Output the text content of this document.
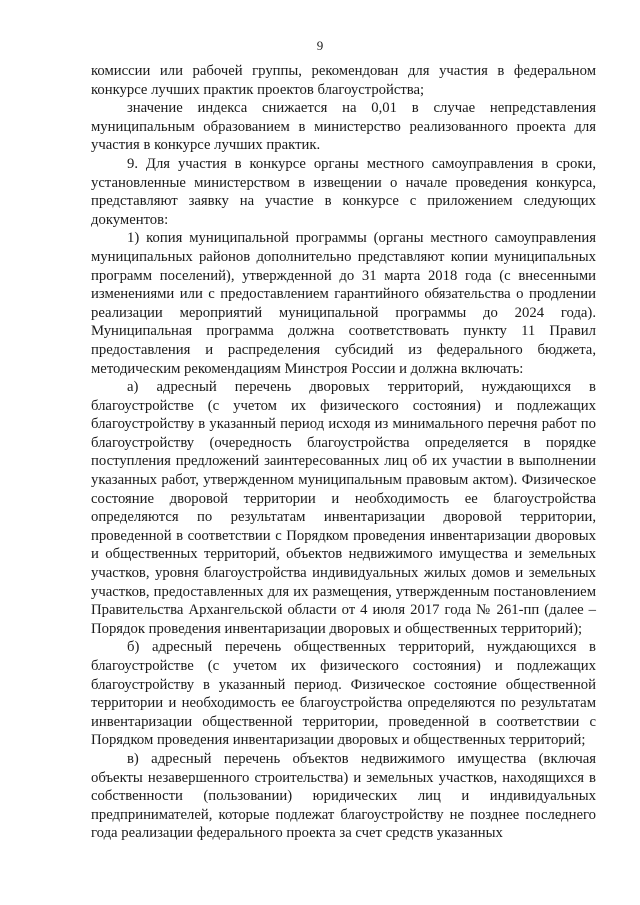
9

комиссии или рабочей группы, рекомендован для участия в федеральном конкурсе лучших практик проектов благоустройства;

значение индекса снижается на 0,01 в случае непредставления муниципальным образованием в министерство реализованного проекта для участия в конкурсе лучших практик.

9. Для участия в конкурсе органы местного самоуправления в сроки, установленные министерством в извещении о начале проведения конкурса, представляют заявку на участие в конкурсе с приложением следующих документов:

1) копия муниципальной программы (органы местного самоуправления муниципальных районов дополнительно представляют копии муниципальных программ поселений), утвержденной до 31 марта 2018 года (с внесенными изменениями или с предоставлением гарантийного обязательства о продлении реализации мероприятий муниципальной программы до 2024 года). Муниципальная программа должна соответствовать пункту 11 Правил предоставления и распределения субсидий из федерального бюджета, методическим рекомендациям Минстроя России и должна включать:

а) адресный перечень дворовых территорий, нуждающихся в благоустройстве (с учетом их физического состояния) и подлежащих благоустройству в указанный период исходя из минимального перечня работ по благоустройству (очередность благоустройства определяется в порядке поступления предложений заинтересованных лиц об их участии в выполнении указанных работ, утвержденном муниципальным правовым актом). Физическое состояние дворовой территории и необходимость ее благоустройства определяются по результатам инвентаризации дворовой территории, проведенной в соответствии с Порядком проведения инвентаризации дворовых и общественных территорий, объектов недвижимого имущества и земельных участков, уровня благоустройства индивидуальных жилых домов и земельных участков, предоставленных для их размещения, утвержденным постановлением Правительства Архангельской области от 4 июля 2017 года № 261-пп (далее – Порядок проведения инвентаризации дворовых и общественных территорий);

б) адресный перечень общественных территорий, нуждающихся в благоустройстве (с учетом их физического состояния) и подлежащих благоустройству в указанный период. Физическое состояние общественной территории и необходимость ее благоустройства определяются по результатам инвентаризации общественной территории, проведенной в соответствии с Порядком проведения инвентаризации дворовых и общественных территорий;

в) адресный перечень объектов недвижимого имущества (включая объекты незавершенного строительства) и земельных участков, находящихся в собственности (пользовании) юридических лиц и индивидуальных предпринимателей, которые подлежат благоустройству не позднее последнего года реализации федерального проекта за счет средств указанных
